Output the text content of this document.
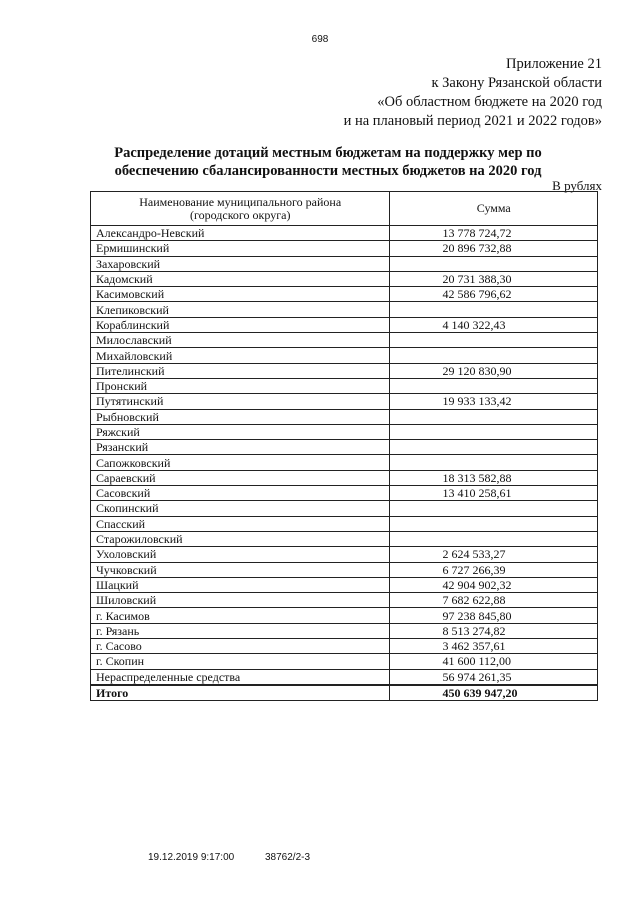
698
Приложение 21
к Закону Рязанской области
«Об областном бюджете на 2020 год
и на плановый период 2021 и 2022 годов»
Распределение дотаций местным бюджетам на поддержку мер по
обеспечению сбалансированности местных бюджетов на 2020 год
В рублях
Наименование муниципального района
(городского округа)	Сумма
Александро-Невский	13 778 724,72
Ермишинский	20 896 732,88
Захаровский	
Кадомский	20 731 388,30
Касимовский	42 586 796,62
Клепиковский	
Кораблинский	4 140 322,43
Милославский	
Михайловский	
Пителинский	29 120 830,90
Пронский	
Путятинский	19 933 133,42
Рыбновский	
Ряжский	
Рязанский	
Сапожковский	
Сараевский	18 313 582,88
Сасовский	13 410 258,61
Скопинский	
Спасский	
Старожиловский	
Ухоловский	2 624 533,27
Чучковский	6 727 266,39
Шацкий	42 904 902,32
Шиловский	7 682 622,88
г. Касимов	97 238 845,80
г. Рязань	8 513 274,82
г. Сасово	3 462 357,61
г. Скопин	41 600 112,00
Нераспределенные средства	56 974 261,35
Итого	450 639 947,20
19.12.2019 9:17:00	38762/2-3
